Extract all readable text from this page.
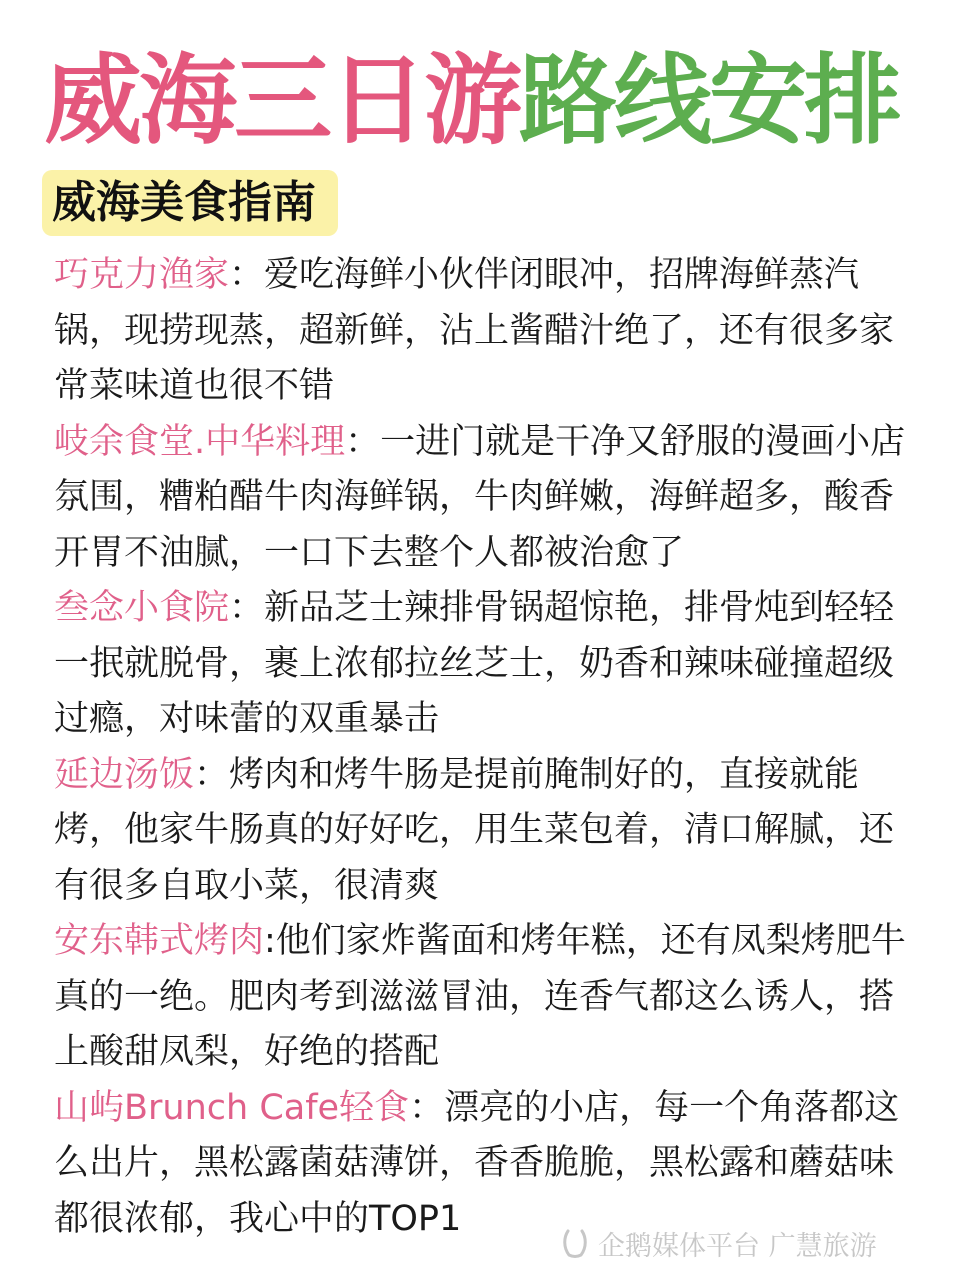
威海三日游路线安排
威海美食指南

巧克力渔家：爱吃海鲜小伙伴闭眼冲，招牌海鲜蒸汽锅，现捞现蒸，超新鲜，沾上酱醋汁绝了，还有很多家常菜味道也很不错

岐余食堂.中华料理：一进门就是干净又舒服的漫画小店氛围，糟粕醋牛肉海鲜锅，牛肉鲜嫩，海鲜超多，酸香开胃不油腻，一口下去整个人都被治愈了

叁念小食院：新品芝士辣排骨锅超惊艳，排骨炖到轻轻一抿就脱骨，裹上浓郁拉丝芝士，奶香和辣味碰撞超级过瘾，对味蕾的双重暴击

延边汤饭：烤肉和烤牛肠是提前腌制好的，直接就能烤，他家牛肠真的好好吃，用生菜包着，清口解腻，还有很多自取小菜，很清爽

安东韩式烤肉:他们家炸酱面和烤年糕，还有凤梨烤肥牛真的一绝。肥肉考到滋滋冒油，连香气都这么诱人，搭上酸甜凤梨，好绝的搭配

山屿Brunch Cafe轻食：漂亮的小店，每一个角落都这么出片，黑松露菌菇薄饼，香香脆脆，黑松露和蘑菇味都很浓郁，我心中的TOP1

企鹅媒体平台 广慧旅游
